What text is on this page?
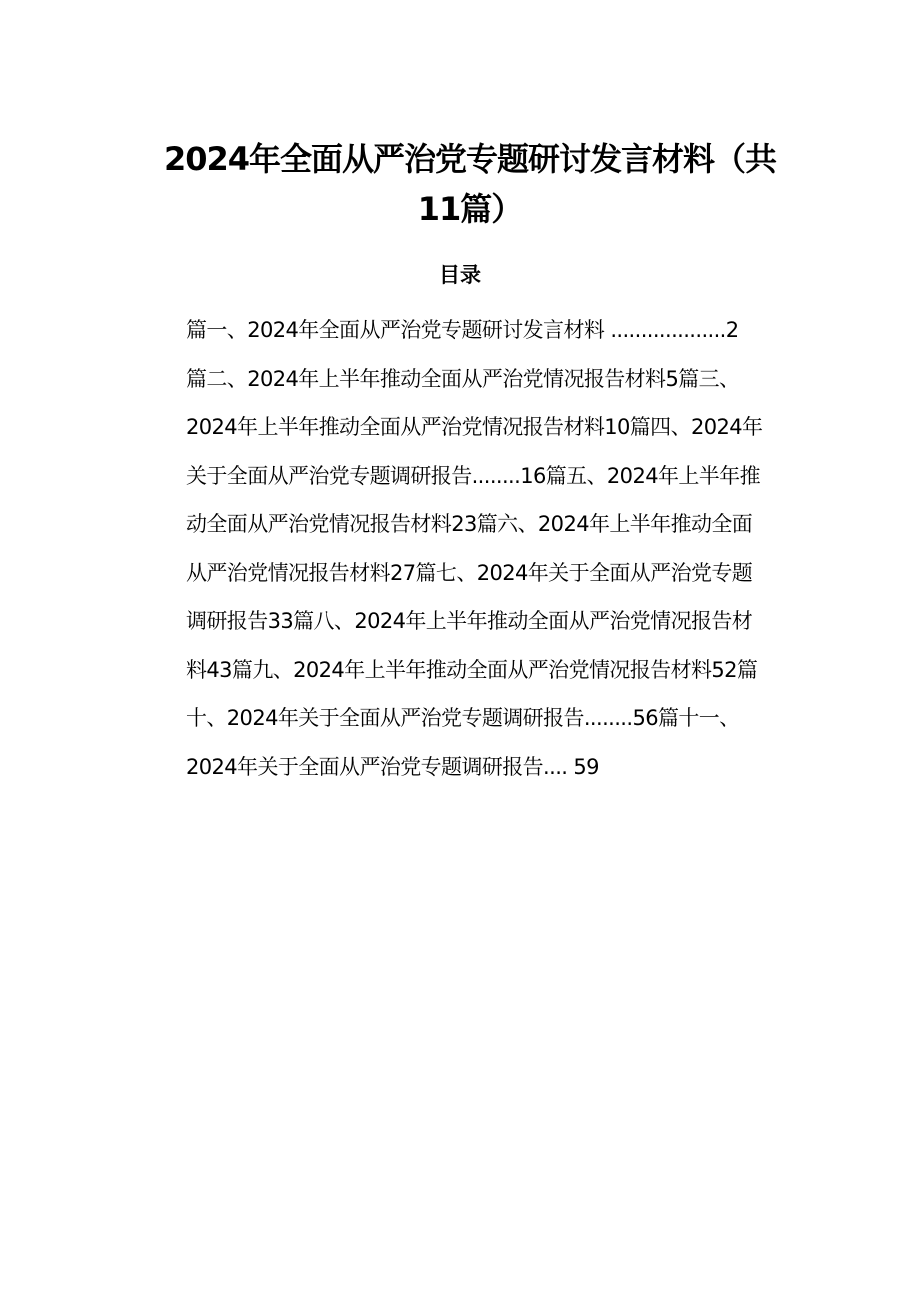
2024年全面从严治党专题研讨发言材料（共
11篇）
目录
篇一、2024年全面从严治党专题研讨发言材料 ...................2
篇二、2024年上半年推动全面从严治党情况报告材料5篇三、
2024年上半年推动全面从严治党情况报告材料10篇四、2024年
关于全面从严治党专题调研报告........16篇五、2024年上半年推
动全面从严治党情况报告材料23篇六、2024年上半年推动全面
从严治党情况报告材料27篇七、2024年关于全面从严治党专题
调研报告33篇八、2024年上半年推动全面从严治党情况报告材
料43篇九、2024年上半年推动全面从严治党情况报告材料52篇
十、2024年关于全面从严治党专题调研报告........56篇十一、
2024年关于全面从严治党专题调研报告.... 59
